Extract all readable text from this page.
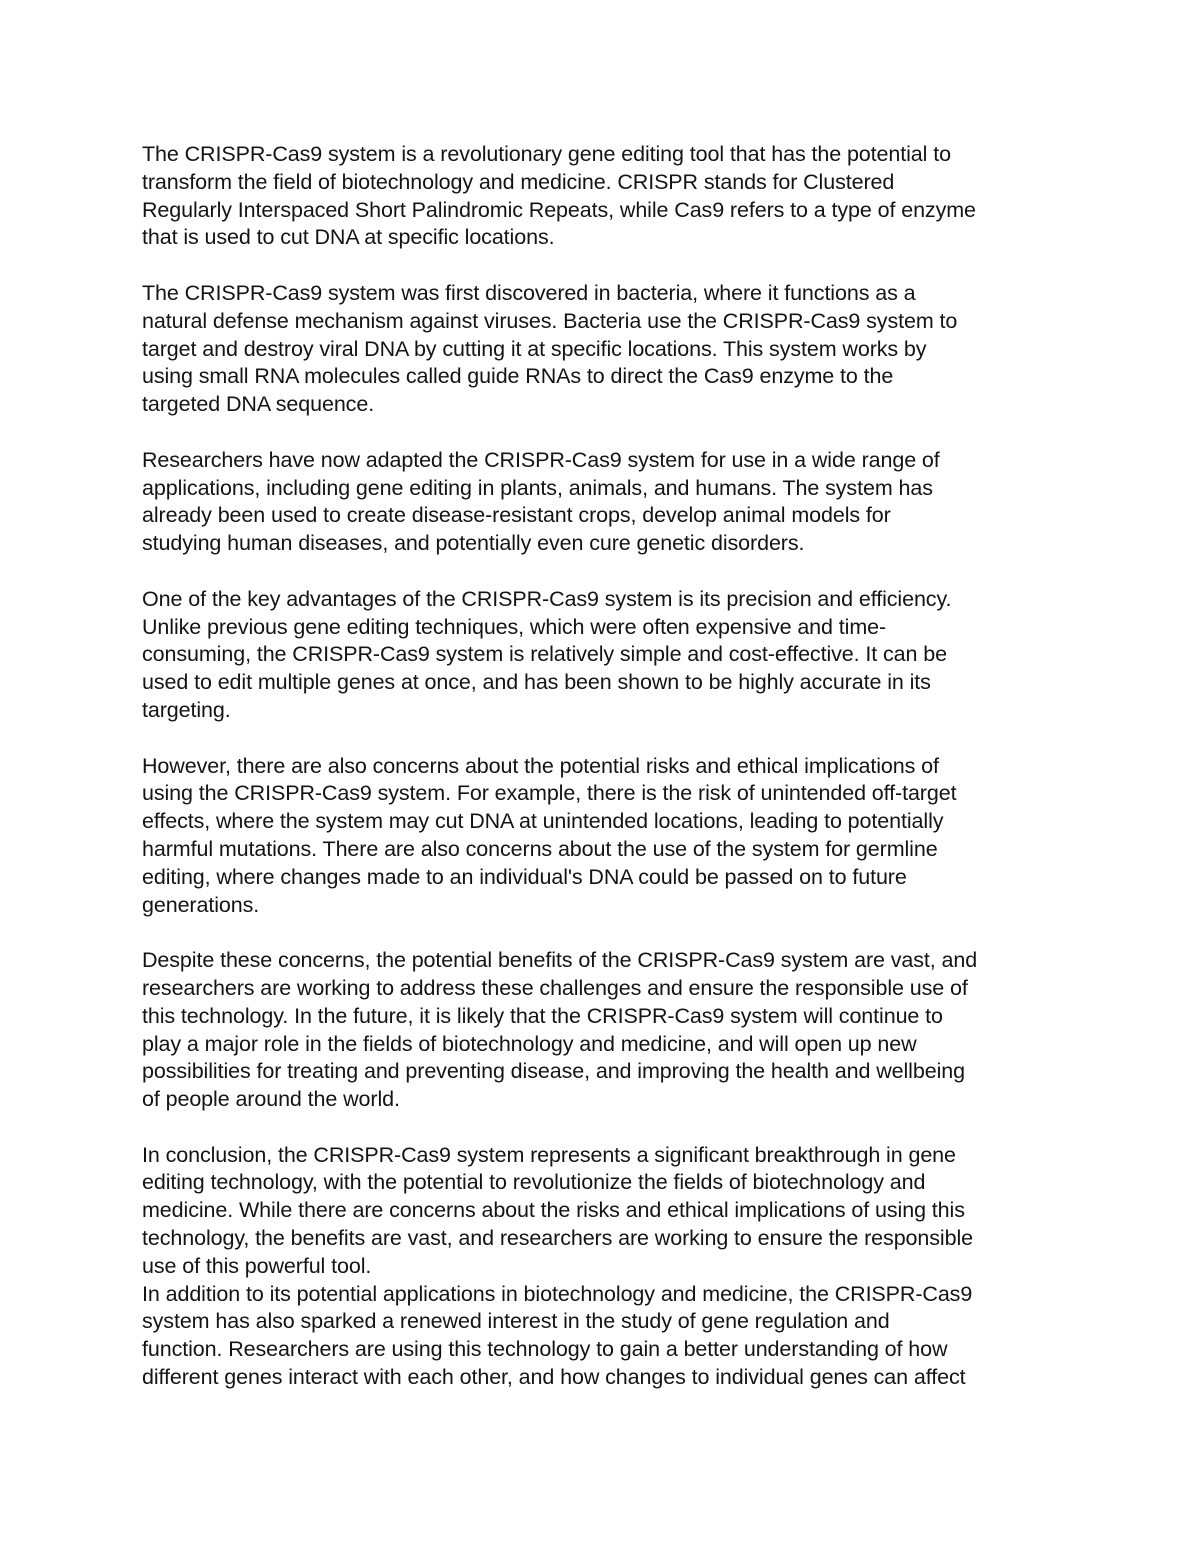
The CRISPR-Cas9 system is a revolutionary gene editing tool that has the potential to
transform the field of biotechnology and medicine. CRISPR stands for Clustered
Regularly Interspaced Short Palindromic Repeats, while Cas9 refers to a type of enzyme
that is used to cut DNA at specific locations.

The CRISPR-Cas9 system was first discovered in bacteria, where it functions as a
natural defense mechanism against viruses. Bacteria use the CRISPR-Cas9 system to
target and destroy viral DNA by cutting it at specific locations. This system works by
using small RNA molecules called guide RNAs to direct the Cas9 enzyme to the
targeted DNA sequence.

Researchers have now adapted the CRISPR-Cas9 system for use in a wide range of
applications, including gene editing in plants, animals, and humans. The system has
already been used to create disease-resistant crops, develop animal models for
studying human diseases, and potentially even cure genetic disorders.

One of the key advantages of the CRISPR-Cas9 system is its precision and efficiency.
Unlike previous gene editing techniques, which were often expensive and time-
consuming, the CRISPR-Cas9 system is relatively simple and cost-effective. It can be
used to edit multiple genes at once, and has been shown to be highly accurate in its
targeting.

However, there are also concerns about the potential risks and ethical implications of
using the CRISPR-Cas9 system. For example, there is the risk of unintended off-target
effects, where the system may cut DNA at unintended locations, leading to potentially
harmful mutations. There are also concerns about the use of the system for germline
editing, where changes made to an individual's DNA could be passed on to future
generations.

Despite these concerns, the potential benefits of the CRISPR-Cas9 system are vast, and
researchers are working to address these challenges and ensure the responsible use of
this technology. In the future, it is likely that the CRISPR-Cas9 system will continue to
play a major role in the fields of biotechnology and medicine, and will open up new
possibilities for treating and preventing disease, and improving the health and wellbeing
of people around the world.

In conclusion, the CRISPR-Cas9 system represents a significant breakthrough in gene
editing technology, with the potential to revolutionize the fields of biotechnology and
medicine. While there are concerns about the risks and ethical implications of using this
technology, the benefits are vast, and researchers are working to ensure the responsible
use of this powerful tool.

In addition to its potential applications in biotechnology and medicine, the CRISPR-Cas9
system has also sparked a renewed interest in the study of gene regulation and
function. Researchers are using this technology to gain a better understanding of how
different genes interact with each other, and how changes to individual genes can affect
